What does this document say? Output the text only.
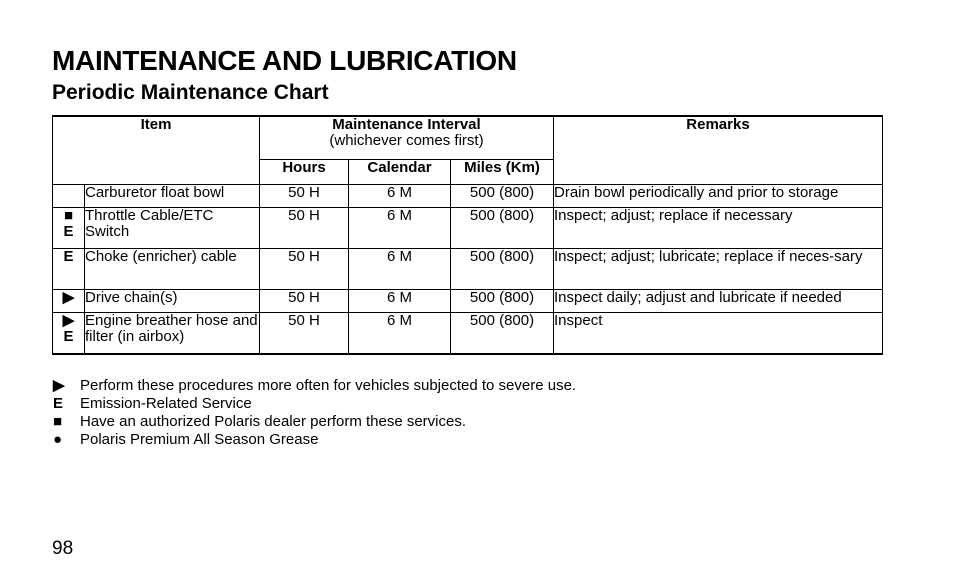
MAINTENANCE AND LUBRICATION
Periodic Maintenance Chart
Item		Maintenance Interval
(whichever comes first)			Remarks
		Hours	Calendar	Miles (Km)	

	Carburetor float bowl	50 H	6 M	500 (800)	Drain bowl periodically and prior to storage

■
E	Throttle Cable/ETC Switch	50 H	6 M	500 (800)	Inspect; adjust; replace if necessary

E	Choke (enricher) cable	50 H	6 M	500 (800)	Inspect; adjust; lubricate; replace if neces-sary

▶	Drive chain(s)	50 H	6 M	500 (800)	Inspect daily; adjust and lubricate if needed

▶
E	Engine breather hose and filter (in airbox)	50 H	6 M	500 (800)	Inspect
▶	Perform these procedures more often for vehicles subjected to severe use.
E	Emission-Related Service
■	Have an authorized Polaris dealer perform these services.
●	Polaris Premium All Season Grease
98
